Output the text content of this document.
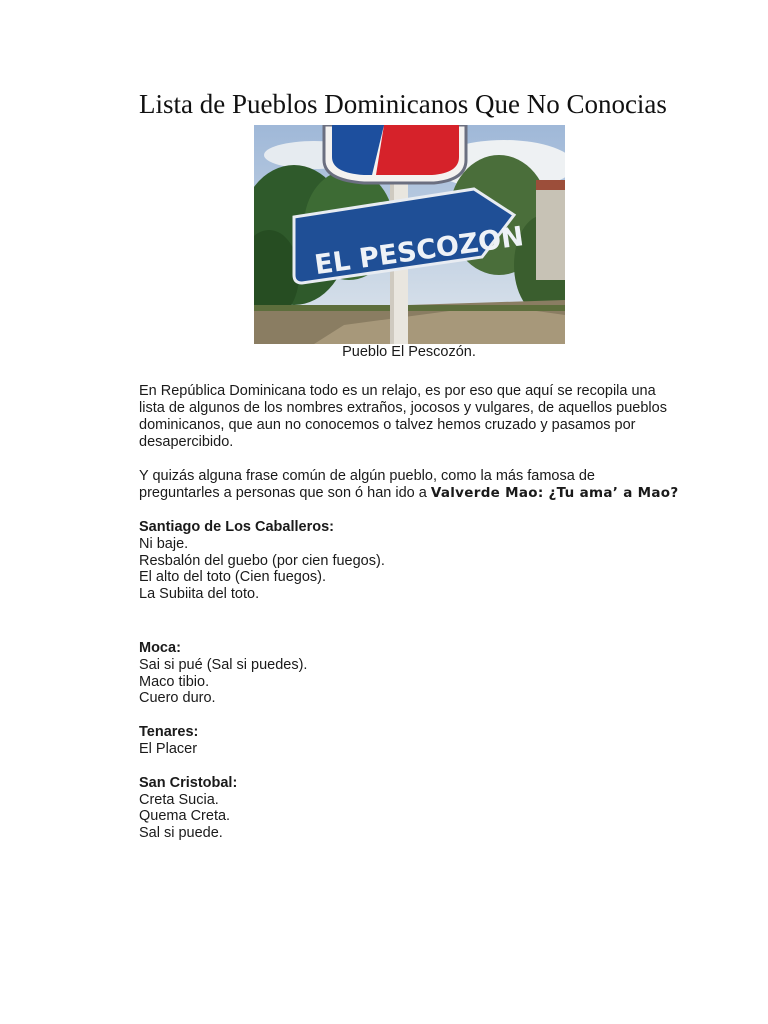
Lista de Pueblos Dominicanos Que No Conocias
EL PESCOZON
Pueblo El Pescozón.

En República Dominicana todo es un relajo, es por eso que aquí se recopila una lista de algunos de los nombres extraños, jocosos y vulgares, de aquellos pueblos dominicanos, que aun no conocemos o talvez hemos cruzado y pasamos por desapercibido.

Y quizás alguna frase común de algún pueblo, como la más famosa de preguntarles a personas que son ó han ido a Valverde Mao: ¿Tu ama’ a Mao?

Santiago de Los Caballeros:
Ni baje.
Resbalón del guebo (por cien fuegos).
El alto del toto (Cien fuegos).
La Subiita del toto.
Moca:
Sai si pué (Sal si puedes).
Maco tibio.
Cuero duro.
Tenares:
El Placer
San Cristobal:
Creta Sucia.
Quema Creta.
Sal si puede.
